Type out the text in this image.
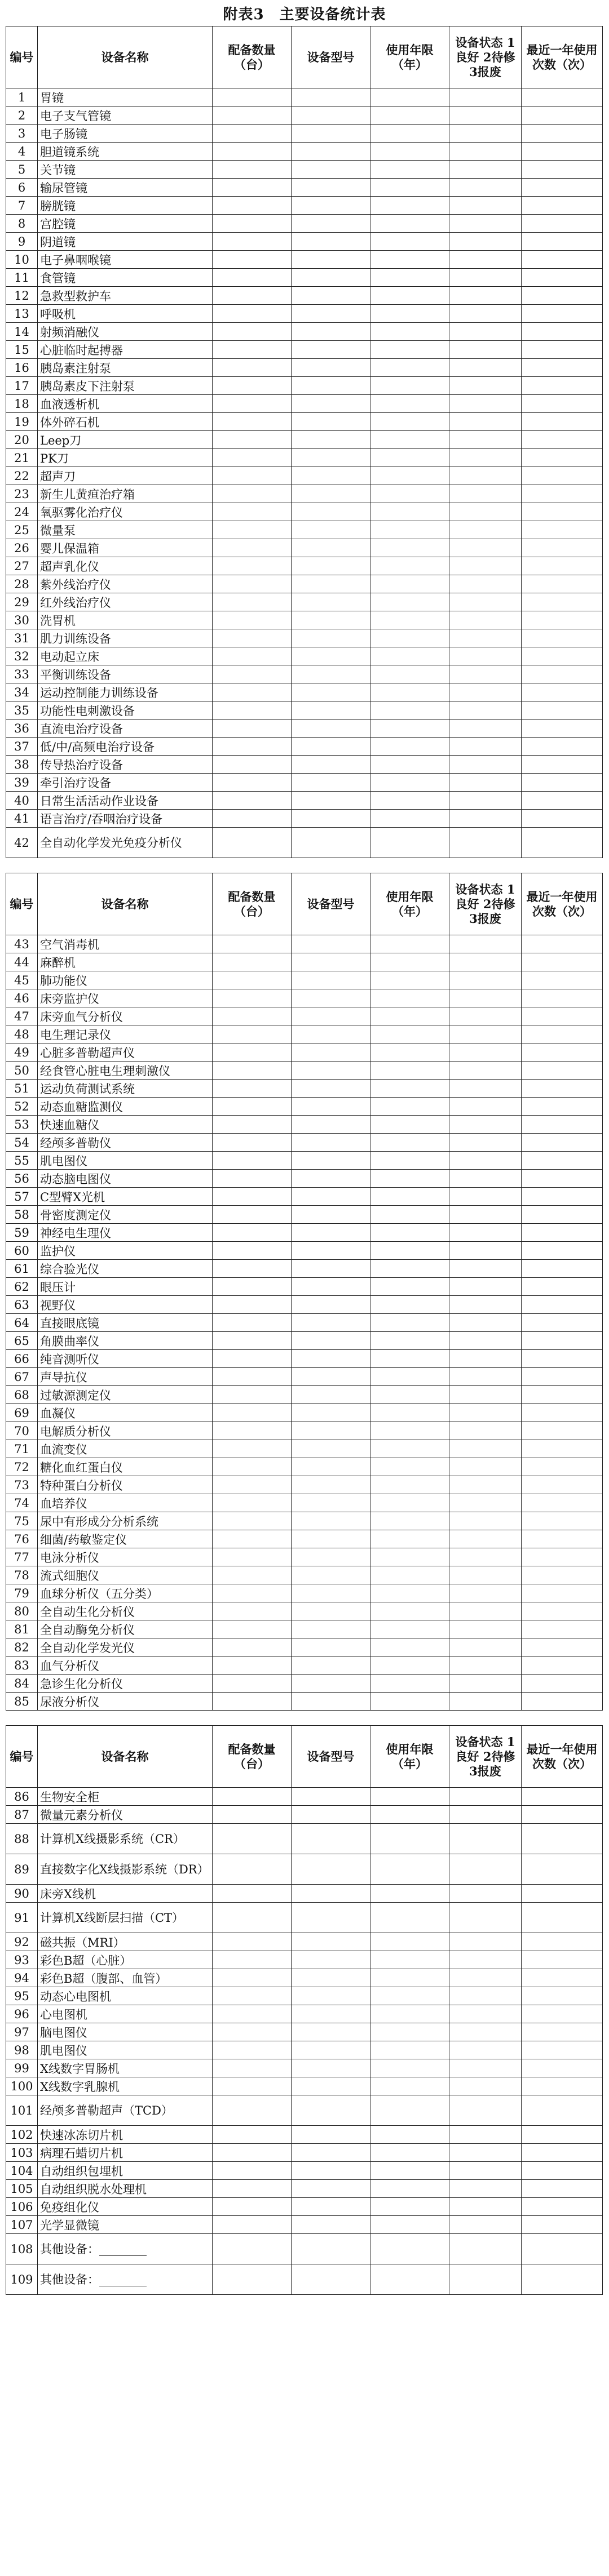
附表3　主要设备统计表
编号	设备名称	配备数量（台）	设备型号	使用年限（年）	设备状态 1良好 2待修 3报废	最近一年使用次数（次）
1	胃镜					
2	电子支气管镜					
3	电子肠镜					
4	胆道镜系统					
5	关节镜					
6	输尿管镜					
7	膀胱镜					
8	宫腔镜					
9	阴道镜					
10	电子鼻咽喉镜					
11	食管镜					
12	急救型救护车					
13	呼吸机					
14	射频消融仪					
15	心脏临时起搏器					
16	胰岛素注射泵					
17	胰岛素皮下注射泵					
18	血液透析机					
19	体外碎石机					
20	Leep刀					
21	PK刀					
22	超声刀					
23	新生儿黄疸治疗箱					
24	氧驱雾化治疗仪					
25	微量泵					
26	婴儿保温箱					
27	超声乳化仪					
28	紫外线治疗仪					
29	红外线治疗仪					
30	洗胃机					
31	肌力训练设备					
32	电动起立床					
33	平衡训练设备					
34	运动控制能力训练设备					
35	功能性电刺激设备					
36	直流电治疗设备					
37	低/中/高频电治疗设备					
38	传导热治疗设备					
39	牵引治疗设备					
40	日常生活活动作业设备					
41	语言治疗/吞咽治疗设备					
42	全自动化学发光免疫分析仪					
编号	设备名称	配备数量（台）	设备型号	使用年限（年）	设备状态 1良好 2待修 3报废	最近一年使用次数（次）
43	空气消毒机					
44	麻醉机					
45	肺功能仪					
46	床旁监护仪					
47	床旁血气分析仪					
48	电生理记录仪					
49	心脏多普勒超声仪					
50	经食管心脏电生理刺激仪					
51	运动负荷测试系统					
52	动态血糖监测仪					
53	快速血糖仪					
54	经颅多普勒仪					
55	肌电图仪					
56	动态脑电图仪					
57	C型臂X光机					
58	骨密度测定仪					
59	神经电生理仪					
60	监护仪					
61	综合验光仪					
62	眼压计					
63	视野仪					
64	直接眼底镜					
65	角膜曲率仪					
66	纯音测听仪					
67	声导抗仪					
68	过敏源测定仪					
69	血凝仪					
70	电解质分析仪					
71	血流变仪					
72	糖化血红蛋白仪					
73	特种蛋白分析仪					
74	血培养仪					
75	尿中有形成分分析系统					
76	细菌/药敏鉴定仪					
77	电泳分析仪					
78	流式细胞仪					
79	血球分析仪（五分类）					
80	全自动生化分析仪					
81	全自动酶免分析仪					
82	全自动化学发光仪					
83	血气分析仪					
84	急诊生化分析仪					
85	尿液分析仪					
编号	设备名称	配备数量（台）	设备型号	使用年限（年）	设备状态 1良好 2待修 3报废	最近一年使用次数（次）
86	生物安全柜					
87	微量元素分析仪					
88	计算机X线摄影系统（CR）					
89	直接数字化X线摄影系统（DR）					
90	床旁X线机					
91	计算机X线断层扫描（CT）					
92	磁共振（MRI）					
93	彩色B超（心脏）					
94	彩色B超（腹部、血管）					
95	动态心电图机					
96	心电图机					
97	脑电图仪					
98	肌电图仪					
99	X线数字胃肠机					
100	X线数字乳腺机					
101	经颅多普勒超声（TCD）					
102	快速冰冻切片机					
103	病理石蜡切片机					
104	自动组织包埋机					
105	自动组织脱水处理机					
106	免疫组化仪					
107	光学显微镜					
108	其他设备：________					
109	其他设备：________					
